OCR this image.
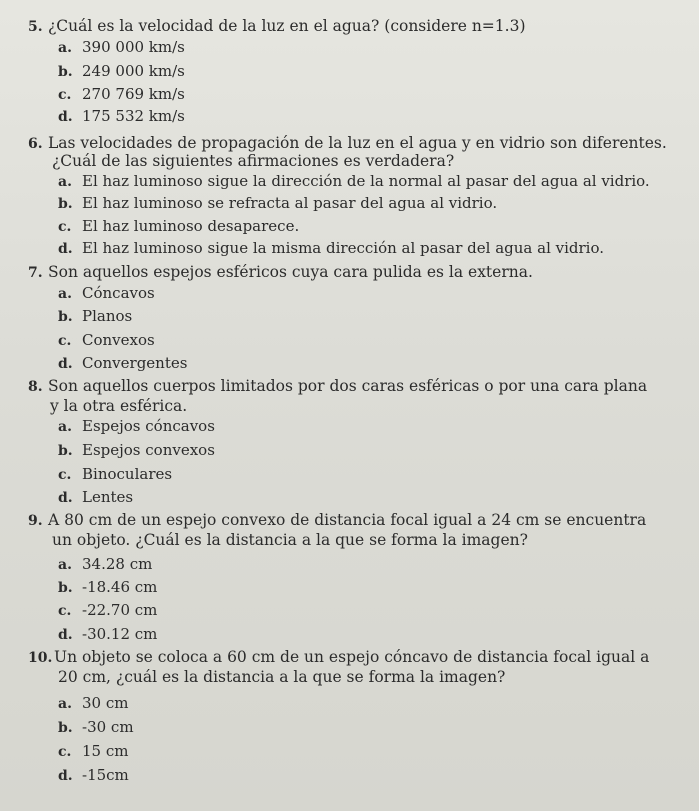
5. ¿Cuál es la velocidad de la luz en el agua? (considere n=1.3)
a. 390 000 km/s
b. 249 000 km/s
c. 270 769 km/s
d. 175 532 km/s
6. Las velocidades de propagación de la luz en el agua y en vidrio son diferentes.
¿Cuál de las siguientes afirmaciones es verdadera?
a. El haz luminoso sigue la dirección de la normal al pasar del agua al vidrio.
b. El haz luminoso se refracta al pasar del agua al vidrio.
c. El haz luminoso desaparece.
d. El haz luminoso sigue la misma dirección al pasar del agua al vidrio.
7. Son aquellos espejos esféricos cuya cara pulida es la externa.
a. Cóncavos
b. Planos
c. Convexos
d. Convergentes
8. Son aquellos cuerpos limitados por dos caras esféricas o por una cara plana
y la otra esférica.
a. Espejos cóncavos
b. Espejos convexos
c. Binoculares
d. Lentes
9. A 80 cm de un espejo convexo de distancia focal igual a 24 cm se encuentra
un objeto. ¿Cuál es la distancia a la que se forma la imagen?
a. 34.28 cm
b. -18.46 cm
c. -22.70 cm
d. -30.12 cm
10. Un objeto se coloca a 60 cm de un espejo cóncavo de distancia focal igual a
20 cm, ¿cuál es la distancia a la que se forma la imagen?
a. 30 cm
b. -30 cm
c. 15 cm
d. -15cm
